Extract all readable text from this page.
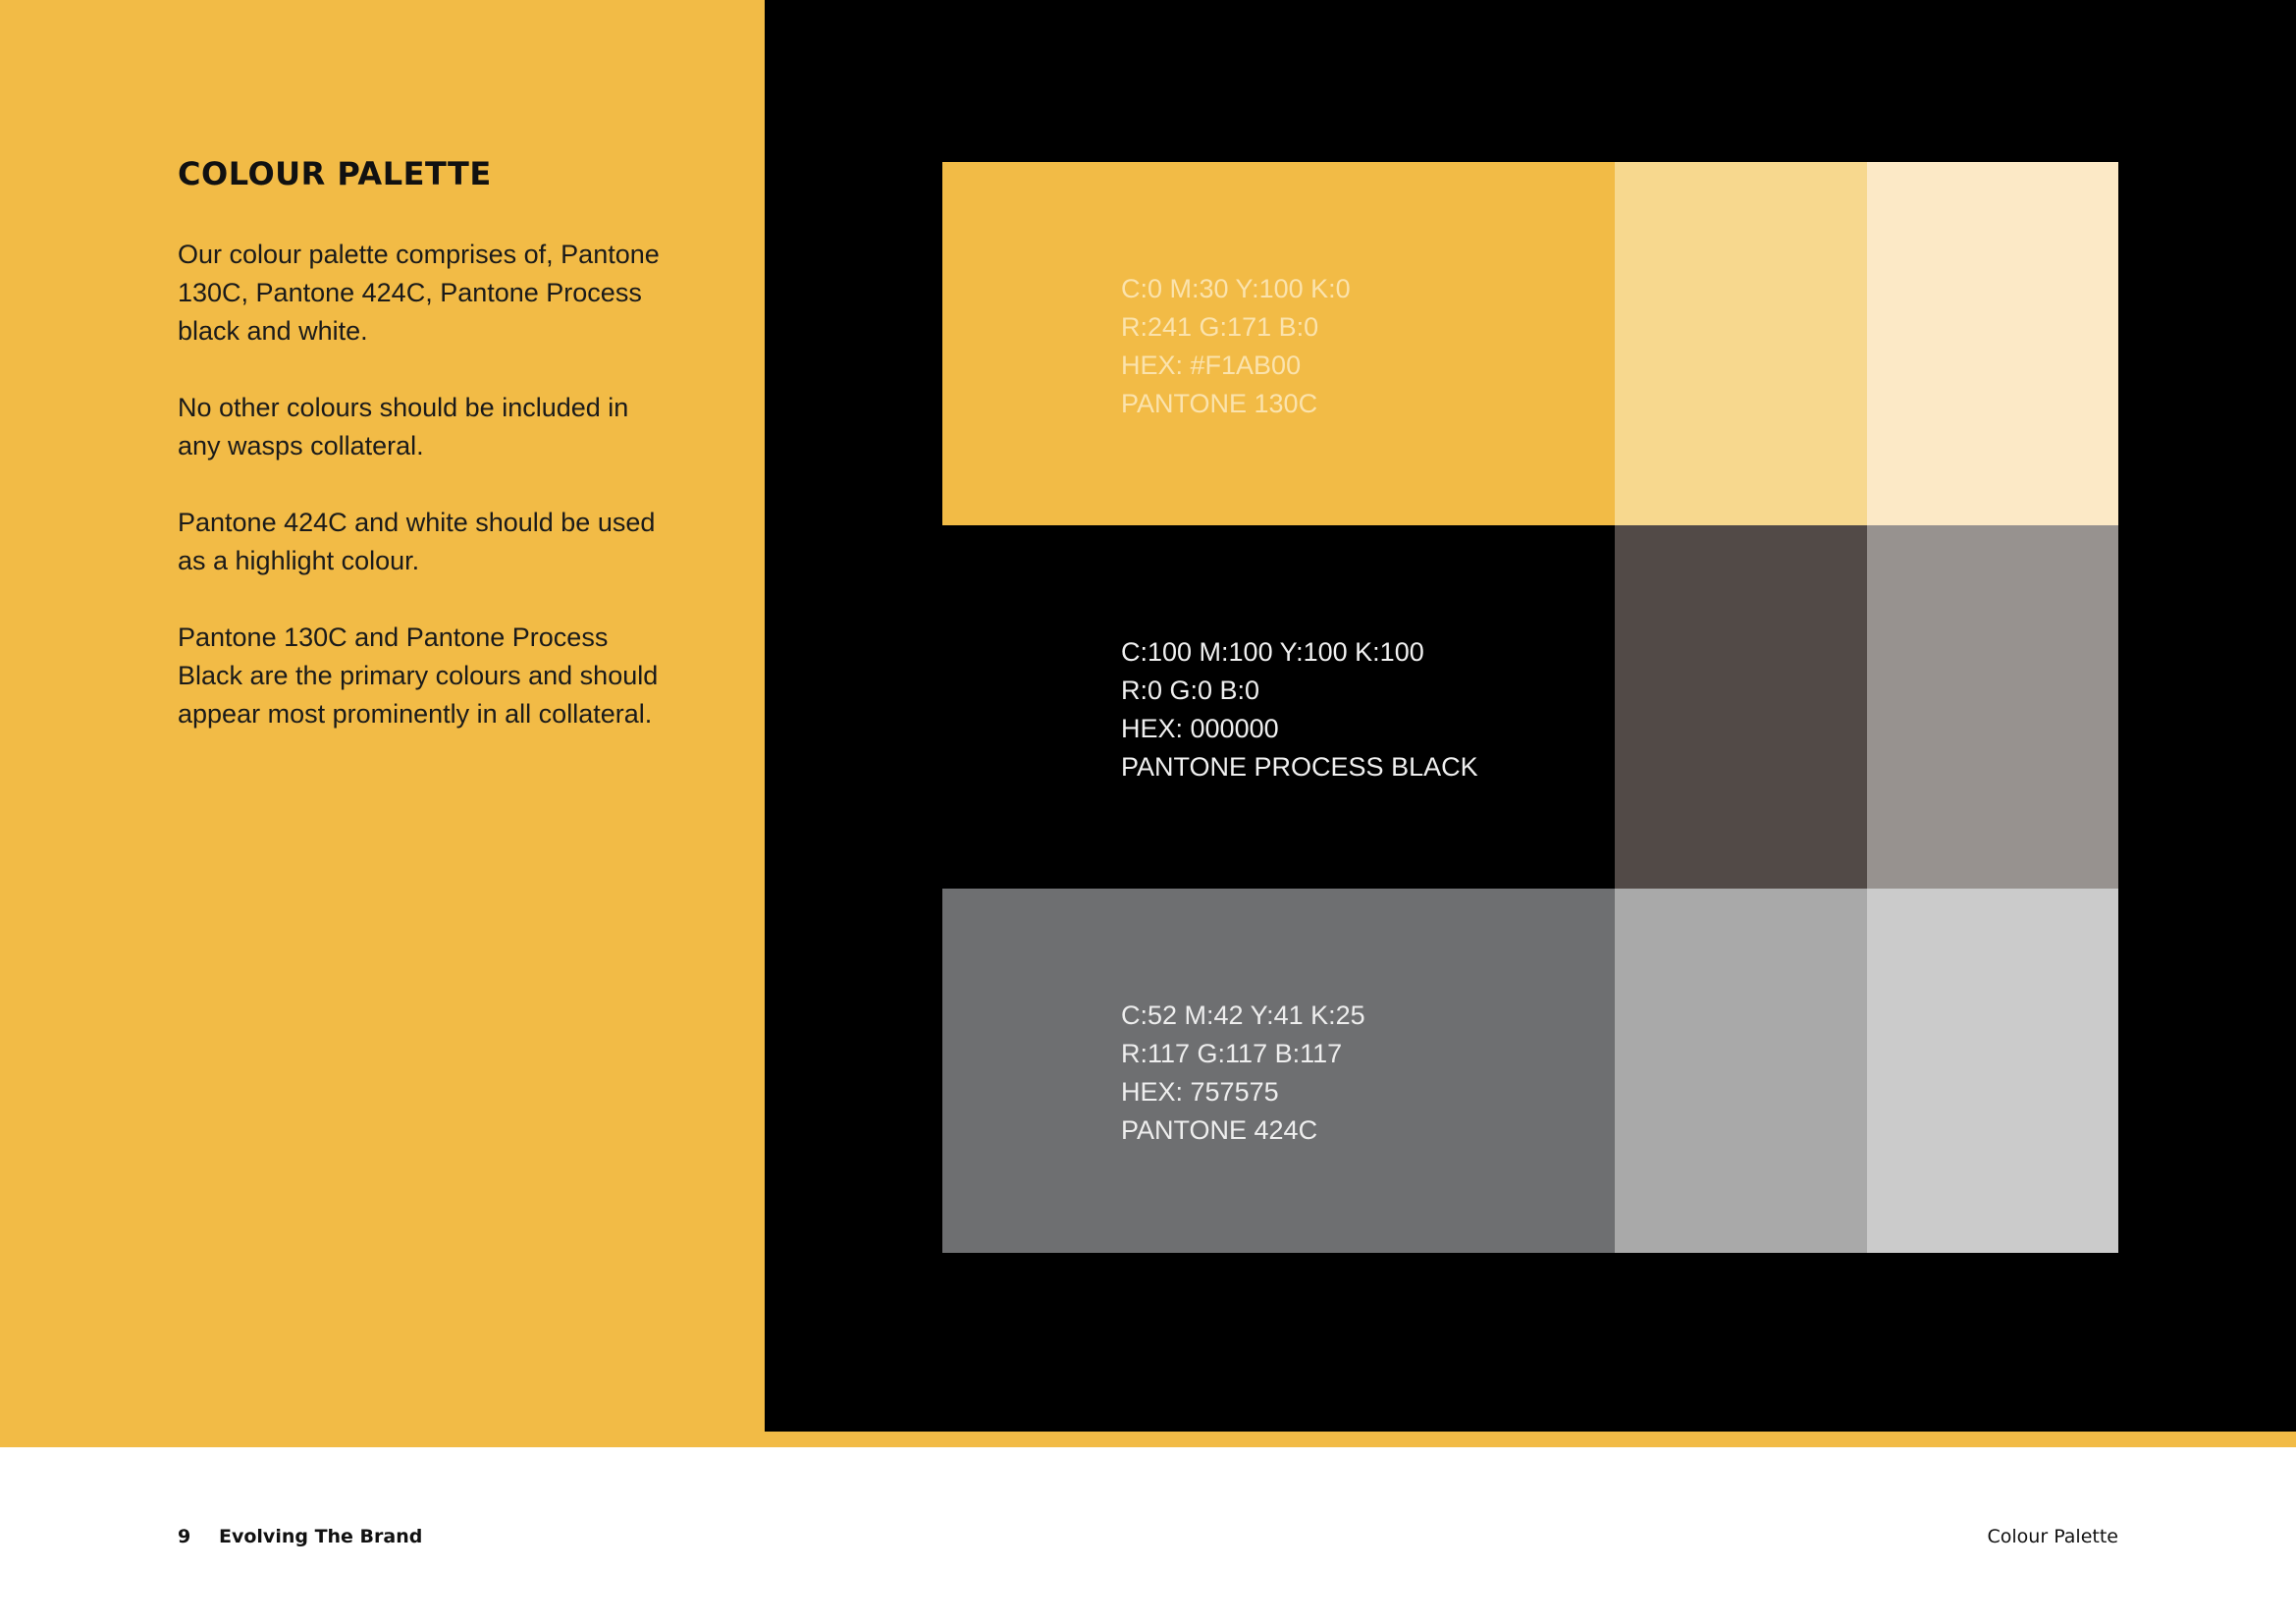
COLOUR PALETTE

Our colour palette comprises of, Pantone 130C, Pantone 424C, Pantone Process black and white.

No other colours should be included in any wasps collateral.

Pantone 424C and white should be used as a highlight colour.

Pantone 130C and Pantone Process Black are the primary colours and should appear most prominently in all collateral.

C:0 M:30 Y:100 K:0
R:241 G:171 B:0
HEX: #F1AB00
PANTONE 130C
C:100 M:100 Y:100 K:100
R:0 G:0 B:0
HEX: 000000
PANTONE PROCESS BLACK
C:52 M:42 Y:41 K:25
R:117 G:117 B:117
HEX: 757575
PANTONE 424C
9 Evolving The Brand	Colour Palette
